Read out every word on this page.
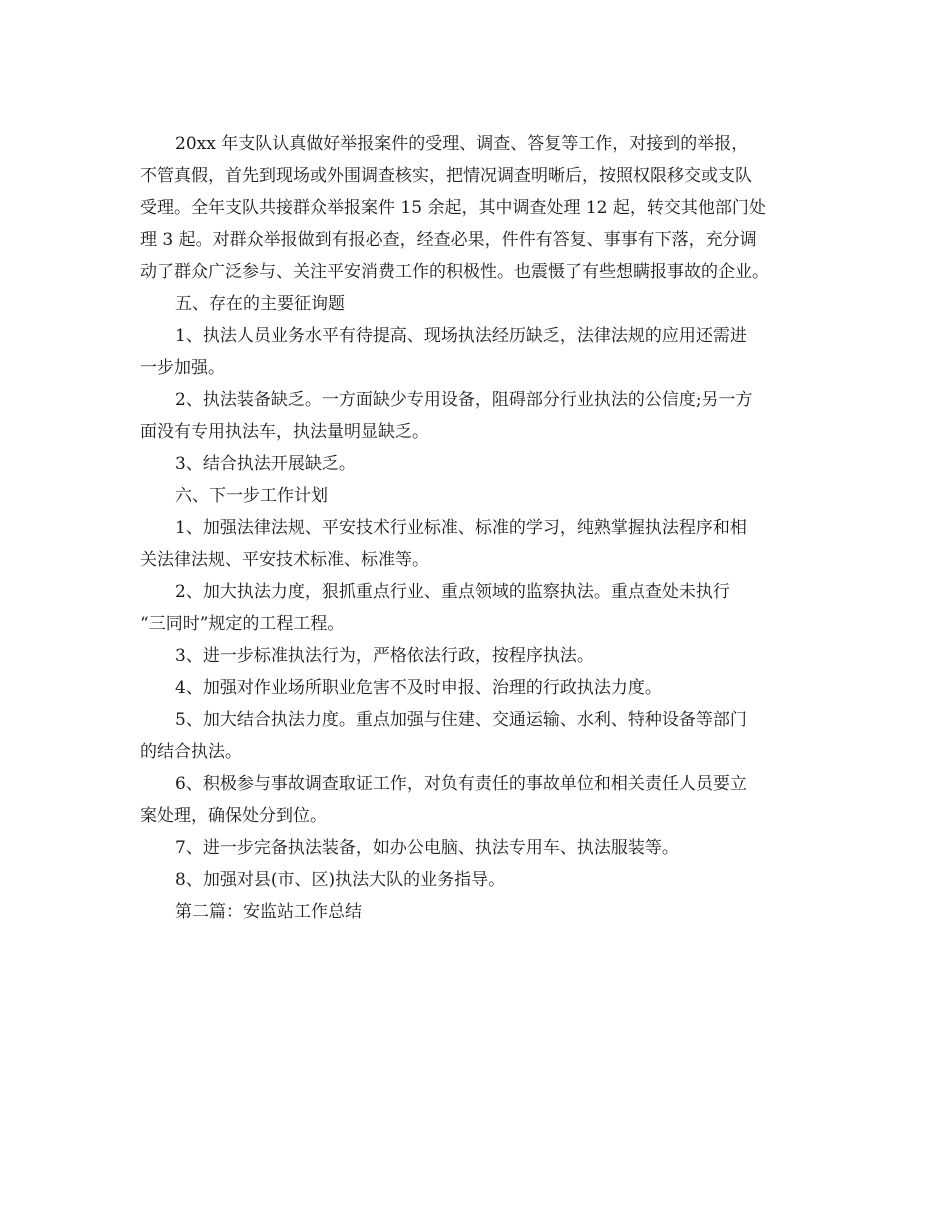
20xx 年支队认真做好举报案件的受理、调查、答复等工作，对接到的举报，
不管真假，首先到现场或外围调查核实，把情况调查明晰后，按照权限移交或支队
受理。全年支队共接群众举报案件 15 余起，其中调查处理 12 起，转交其他部门处
理 3 起。对群众举报做到有报必查，经查必果，件件有答复、事事有下落，充分调
动了群众广泛参与、关注平安消费工作的积极性。也震慑了有些想瞒报事故的企业。
五、存在的主要征询题
1、执法人员业务水平有待提高、现场执法经历缺乏，法律法规的应用还需进
一步加强。
2、执法装备缺乏。一方面缺少专用设备，阻碍部分行业执法的公信度;另一方
面没有专用执法车，执法量明显缺乏。
3、结合执法开展缺乏。
六、下一步工作计划
1、加强法律法规、平安技术行业标准、标准的学习，纯熟掌握执法程序和相
关法律法规、平安技术标准、标准等。
2、加大执法力度，狠抓重点行业、重点领域的监察执法。重点查处未执行
“三同时”规定的工程工程。
3、进一步标准执法行为，严格依法行政，按程序执法。
4、加强对作业场所职业危害不及时申报、治理的行政执法力度。
5、加大结合执法力度。重点加强与住建、交通运输、水利、特种设备等部门
的结合执法。
6、积极参与事故调查取证工作，对负有责任的事故单位和相关责任人员要立
案处理，确保处分到位。
7、进一步完备执法装备，如办公电脑、执法专用车、执法服装等。
8、加强对县(市、区)执法大队的业务指导。
第二篇：安监站工作总结
